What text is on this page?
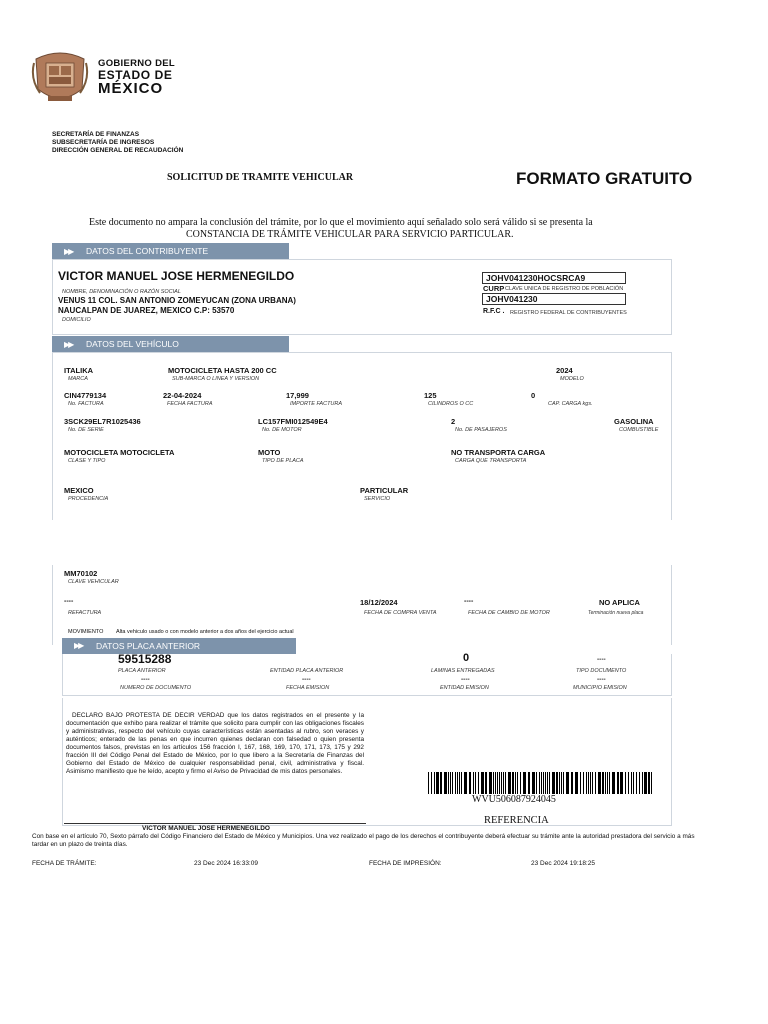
GOBIERNO DEL
ESTADO DE
MÉXICO
SECRETARÍA DE FINANZAS
SUBSECRETARÍA DE INGRESOS
DIRECCIÓN GENERAL DE RECAUDACIÓN
SOLICITUD DE TRAMITE VEHICULAR	FORMATO GRATUITO
Este documento no ampara la conclusión del trámite, por lo que el movimiento aquí señalado solo será válido si se presenta la
CONSTANCIA DE TRÁMITE VEHICULAR PARA SERVICIO PARTICULAR.
▶▶ DATOS DEL CONTRIBUYENTE
VICTOR MANUEL JOSE HERMENEGILDO
NOMBRE, DENOMINACIÓN O RAZÓN SOCIAL
VENUS 11 COL. SAN ANTONIO ZOMEYUCAN (ZONA URBANA)
NAUCALPAN DE JUAREZ, MEXICO C.P: 53570
DOMICILIO
JOHV041230HOCSRCA9
CURP CLAVE UNICA DE REGISTRO DE POBLACIÓN
JOHV041230
R.F.C . REGISTRO FEDERAL DE CONTRIBUYENTES
▶▶ DATOS DEL VEHÍCULO
ITALIKA
MARCA
MOTOCICLETA HASTA 200 CC
SUB-MARCA O LINEA Y VERSION
2024
MODELO
CIN4779134
No. FACTURA
22-04-2024
FECHA FACTURA
17,999
IMPORTE FACTURA
125
CILINDROS O CC
0
CAP. CARGA kgs.
3SCK29EL7R1025436
No. DE SERIE
LC157FMI012549E4
No. DE MOTOR
2
No. DE PASAJEROS
GASOLINA
COMBUSTIBLE
MOTOCICLETA MOTOCICLETA
CLASE Y TIPO
MOTO
TIPO DE PLACA
NO TRANSPORTA CARGA
CARGA QUE TRANSPORTA
MEXICO
PROCEDENCIA
PARTICULAR
SERVICIO
MM70102
CLAVE VEHICULAR
----
REFACTURA
18/12/2024
FECHA DE COMPRA VENTA
----
FECHA DE CAMBIO DE MOTOR
NO APLICA
Terminación nueva placa
MOVIMIENTO Alta vehiculo usado o con modelo anterior a dos años del ejercicio actual
▶▶ DATOS PLACA ANTERIOR
59515288
PLACA ANTERIOR	ENTIDAD PLACA ANTERIOR
0
LAMINAS ENTREGADAS
----
TIPO DOCUMENTO
----
NUMERO DE DOCUMENTO
----
FECHA EMISION
----
ENTIDAD EMISION
----
MUNICIPIO EMISION
DECLARO BAJO PROTESTA DE DECIR VERDAD que los datos registrados en el presente y la documentación que exhibo para realizar el trámite que solicito para cumplir con las obligaciones fiscales y administrativas, respecto del vehículo cuyas características están asentadas al rubro, son veraces y auténticos; enterado de las penas en que incurren quienes declaran con falsedad o quien presenta documentos falsos, previstas en los artículos 156 fracción I, 167, 168, 169, 170, 171, 173, 175 y 292 fracción III del Código Penal del Estado de México, por lo que libero a la Secretaría de Finanzas del Gobierno del Estado de México de cualquier responsabilidad penal, civil, administrativa y fiscal. Asimismo manifiesto que he leído, acepto y firmo el Aviso de Privacidad de mis datos personales.
VICTOR MANUEL JOSE HERMENEGILDO
WVU506087924045
REFERENCIA
Con base en el artículo 70, Sexto párrafo del Código Financiero del Estado de México y Municipios. Una vez realizado el pago de los derechos el contribuyente deberá efectuar su trámite ante la autoridad prestadora del servicio a más tardar en un plazo de treinta días.
FECHA DE TRÁMITE:	23 Dec 2024 16:33:09	FECHA DE IMPRESIÓN:	23 Dec 2024 19:18:25
